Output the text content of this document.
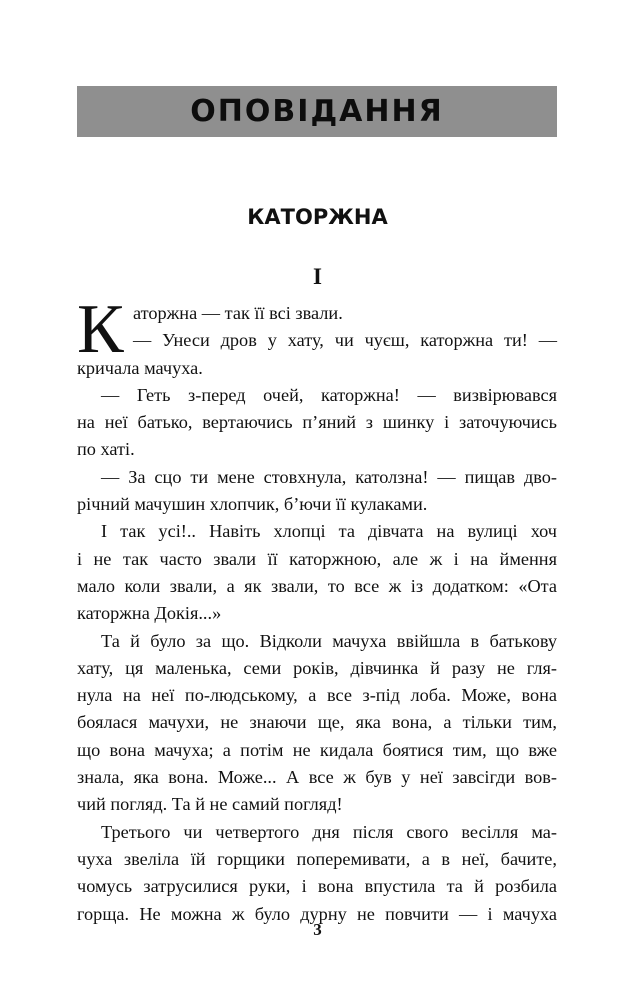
ОПОВІДАННЯ
КАТОРЖНА
I
К аторжна — так її всі звали.
— Унеси дров у хату, чи чуєш, каторжна ти! —
кричала мачуха.
— Геть з-перед очей, каторжна! — визвірювався
на неї батько, вертаючись п’яний з шинку і заточуючись
по хаті.
— За сцо ти мене стовхнула, католзна! — пищав дво-
річний мачушин хлопчик, б’ючи її кулаками.
І так усі!.. Навіть хлопці та дівчата на вулиці хоч
і не так часто звали її каторжною, але ж і на ймення
мало коли звали, а як звали, то все ж із додатком: «Ота
каторжна Докія...»
Та й було за що. Відколи мачуха ввійшла в батькову
хату, ця маленька, семи років, дівчинка й разу не гля-
нула на неї по-людському, а все з-під лоба. Може, вона
боялася мачухи, не знаючи ще, яка вона, а тільки тим,
що вона мачуха; а потім не кидала боятися тим, що вже
знала, яка вона. Може... А все ж був у неї завсігди вов-
чий погляд. Та й не самий погляд!
Третього чи четвертого дня після свого весілля ма-
чуха звеліла їй горщики поперемивати, а в неї, бачите,
чомусь затрусилися руки, і вона впустила та й розбила
горща. Не можна ж було дурну не повчити — і мачуха
3
